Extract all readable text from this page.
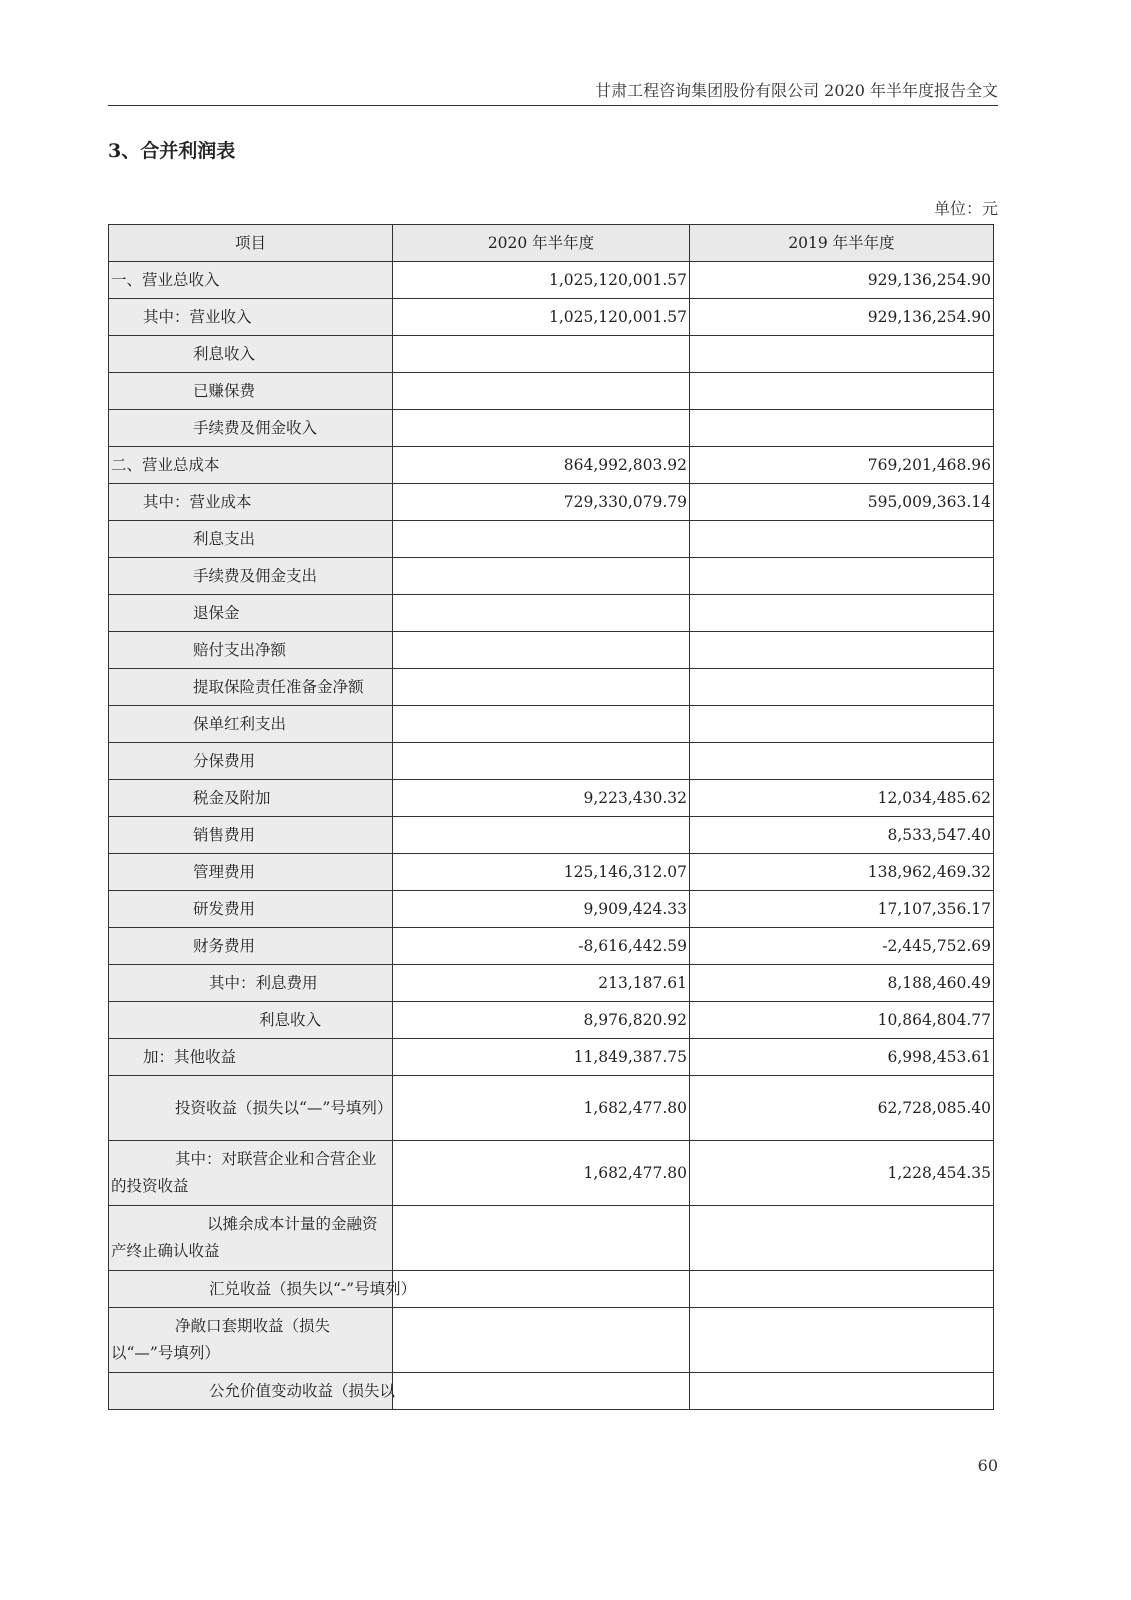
甘肃工程咨询集团股份有限公司 2020 年半年度报告全文
3、合并利润表
单位：元
项目	2020 年半年度	2019 年半年度
一、营业总收入	1,025,120,001.57	929,136,254.90
其中：营业收入	1,025,120,001.57	929,136,254.90
利息收入		
已赚保费		
手续费及佣金收入		
二、营业总成本	864,992,803.92	769,201,468.96
其中：营业成本	729,330,079.79	595,009,363.14
利息支出		
手续费及佣金支出		
退保金		
赔付支出净额		
提取保险责任准备金净额		
保单红利支出		
分保费用		
税金及附加	9,223,430.32	12,034,485.62
销售费用		8,533,547.40
管理费用	125,146,312.07	138,962,469.32
研发费用	9,909,424.33	17,107,356.17
财务费用	-8,616,442.59	-2,445,752.69
其中：利息费用	213,187.61	8,188,460.49
利息收入	8,976,820.92	10,864,804.77
加：其他收益	11,849,387.75	6,998,453.61
投资收益（损失以“—”号填列）	1,682,477.80	62,728,085.40
其中：对联营企业和合营企业的投资收益	1,682,477.80	1,228,454.35
以摊余成本计量的金融资产终止确认收益		
汇兑收益（损失以“-”号填列）		
净敞口套期收益（损失以“—”号填列）		
公允价值变动收益（损失以		
60
